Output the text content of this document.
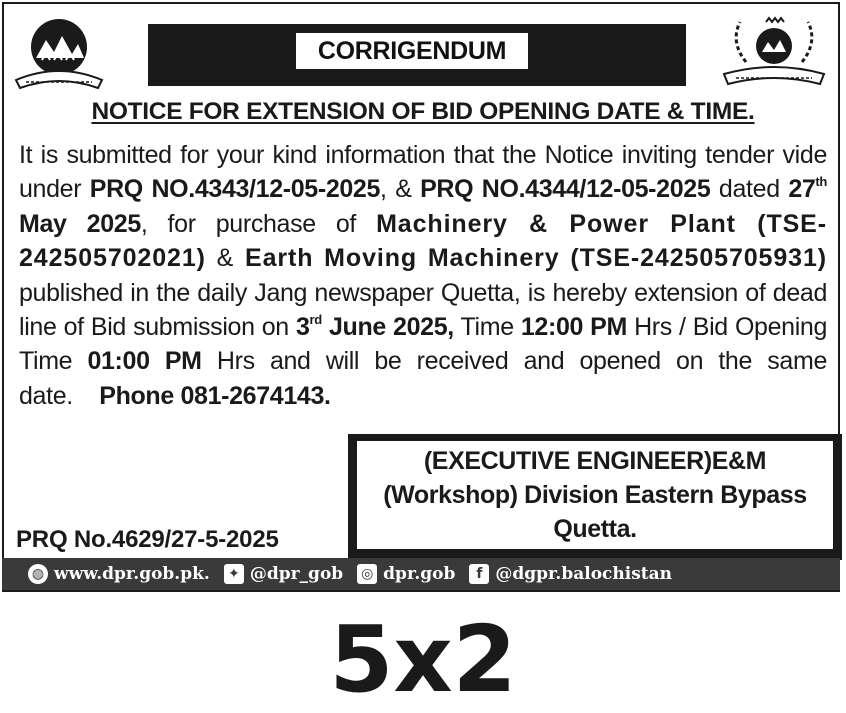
CORRIGENDUM
NOTICE FOR EXTENSION OF BID OPENING DATE & TIME.
It is submitted for your kind information that the Notice inviting tender vide under PRQ NO.4343/12-05-2025, & PRQ NO.4344/12-05-2025 dated 27th May 2025, for purchase of Machinery & Power Plant (TSE-242505702021) & Earth Moving Machinery (TSE-242505705931) published in the daily Jang newspaper Quetta, is hereby extension of dead line of Bid submission on 3rd June 2025, Time 12:00 PM Hrs / Bid Opening Time 01:00 PM Hrs and will be received and opened on the same date. Phone 081-2674143.
(EXECUTIVE ENGINEER)E&M
(Workshop) Division Eastern Bypass
Quetta.
PRQ No.4629/27-5-2025
◍ www.dpr.gob.pk. ✦ @dpr_gob ◎ dpr.gob	f @dgpr.balochistan
5x2
